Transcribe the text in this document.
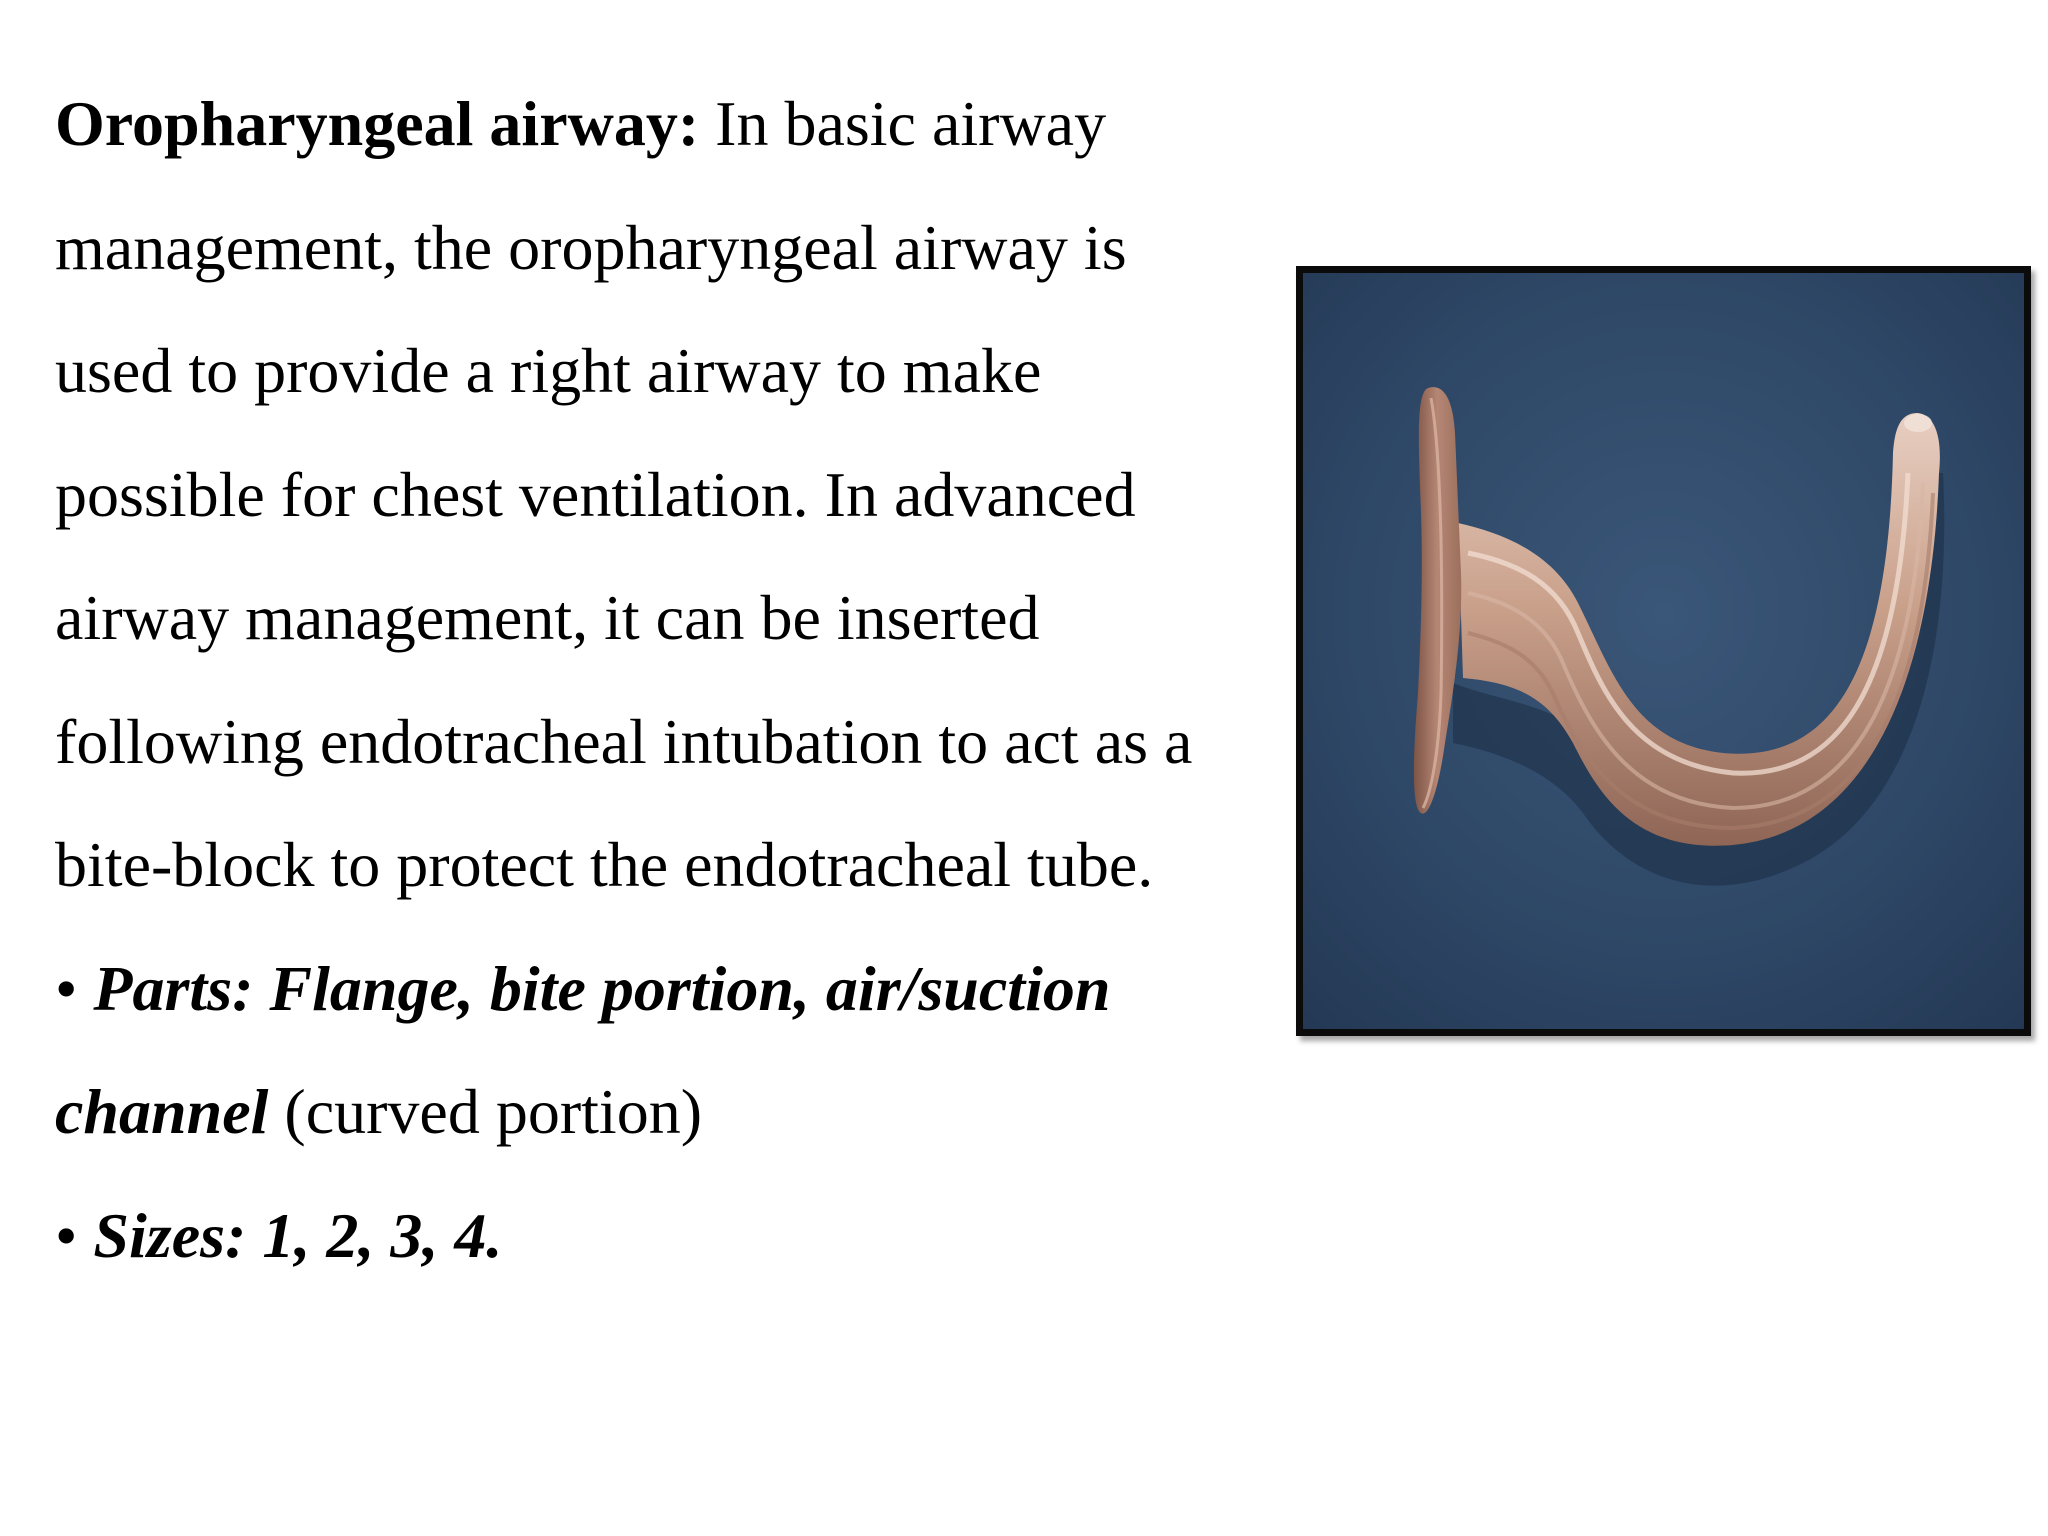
Oropharyngeal airway: In basic airway management, the oropharyngeal airway is used to provide a right airway to make possible for chest ventilation. In advanced airway management, it can be inserted following endotracheal intubation to act as a bite-block to protect the endotracheal tube.

• Parts: Flange, bite portion, air/suction channel (curved portion)

• Sizes: 1, 2, 3, 4.
